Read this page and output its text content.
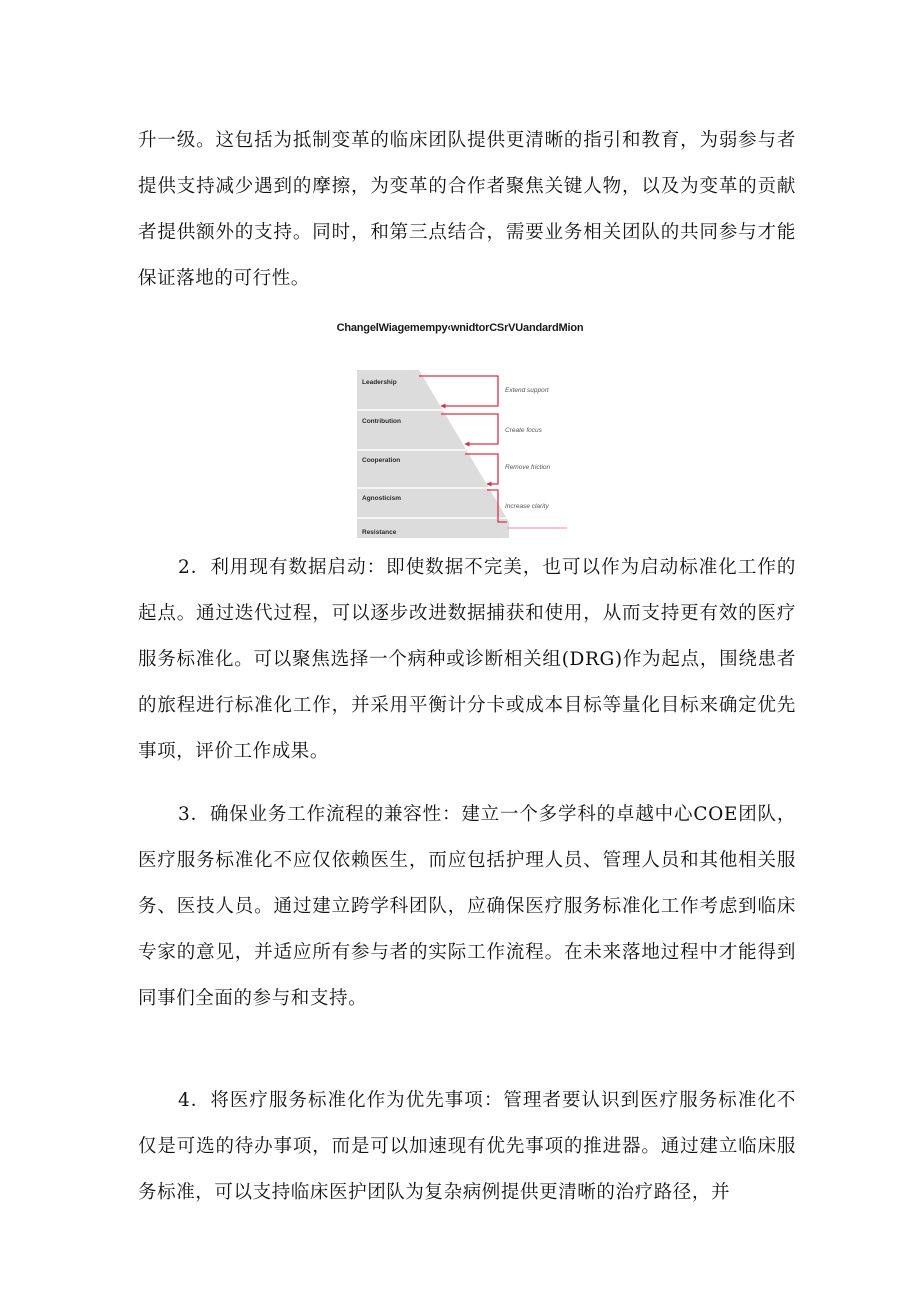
升一级。这包括为抵制变革的临床团队提供更清晰的指引和教育，为弱参与者提供支持减少遇到的摩擦，为变革的合作者聚焦关键人物，以及为变革的贡献者提供额外的支持。同时，和第三点结合，需要业务相关团队的共同参与才能保证落地的可行性。

ChangelWiagemempy‹wnidtorCSrVUandardMion
Leadership
Contribution
Cooperation
Agnosticism
Resistance
Extend support
Create focus
Remove friction
Increase clarity

2．利用现有数据启动：即使数据不完美，也可以作为启动标准化工作的起点。通过迭代过程，可以逐步改进数据捕获和使用，从而支持更有效的医疗服务标准化。可以聚焦选择一个病种或诊断相关组(DRG)作为起点，围绕患者的旅程进行标准化工作，并采用平衡计分卡或成本目标等量化目标来确定优先事项，评价工作成果。

3．确保业务工作流程的兼容性：建立一个多学科的卓越中心COE团队，医疗服务标准化不应仅依赖医生，而应包括护理人员、管理人员和其他相关服务、医技人员。通过建立跨学科团队，应确保医疗服务标准化工作考虑到临床专家的意见，并适应所有参与者的实际工作流程。在未来落地过程中才能得到同事们全面的参与和支持。

4．将医疗服务标准化作为优先事项：管理者要认识到医疗服务标准化不仅是可选的待办事项，而是可以加速现有优先事项的推进器。通过建立临床服务标准，可以支持临床医护团队为复杂病例提供更清晰的治疗路径，并
